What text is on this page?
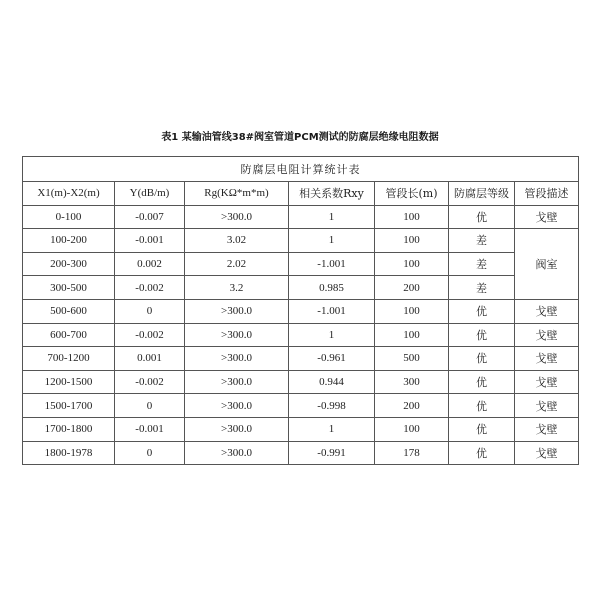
表1 某输油管线38#阀室管道PCM测试的防腐层绝缘电阻数据
防腐层电阻计算统计表						
X1(m)-X2(m)	Y(dB/m)	Rg(KΩ*m*m)	相关系数Rxy	管段长(m)	防腐层等级	管段描述
0-100	-0.007	>300.0	1	100	优	戈壁
100-200	-0.001	3.02	1	100	差	阀室
200-300	0.002	2.02	-1.001	100	差	
300-500	-0.002	3.2	0.985	200	差	
500-600	0	>300.0	-1.001	100	优	戈壁
600-700	-0.002	>300.0	1	100	优	戈壁
700-1200	0.001	>300.0	-0.961	500	优	戈壁
1200-1500	-0.002	>300.0	0.944	300	优	戈壁
1500-1700	0	>300.0	-0.998	200	优	戈壁
1700-1800	-0.001	>300.0	1	100	优	戈壁
1800-1978	0	>300.0	-0.991	178	优	戈壁
